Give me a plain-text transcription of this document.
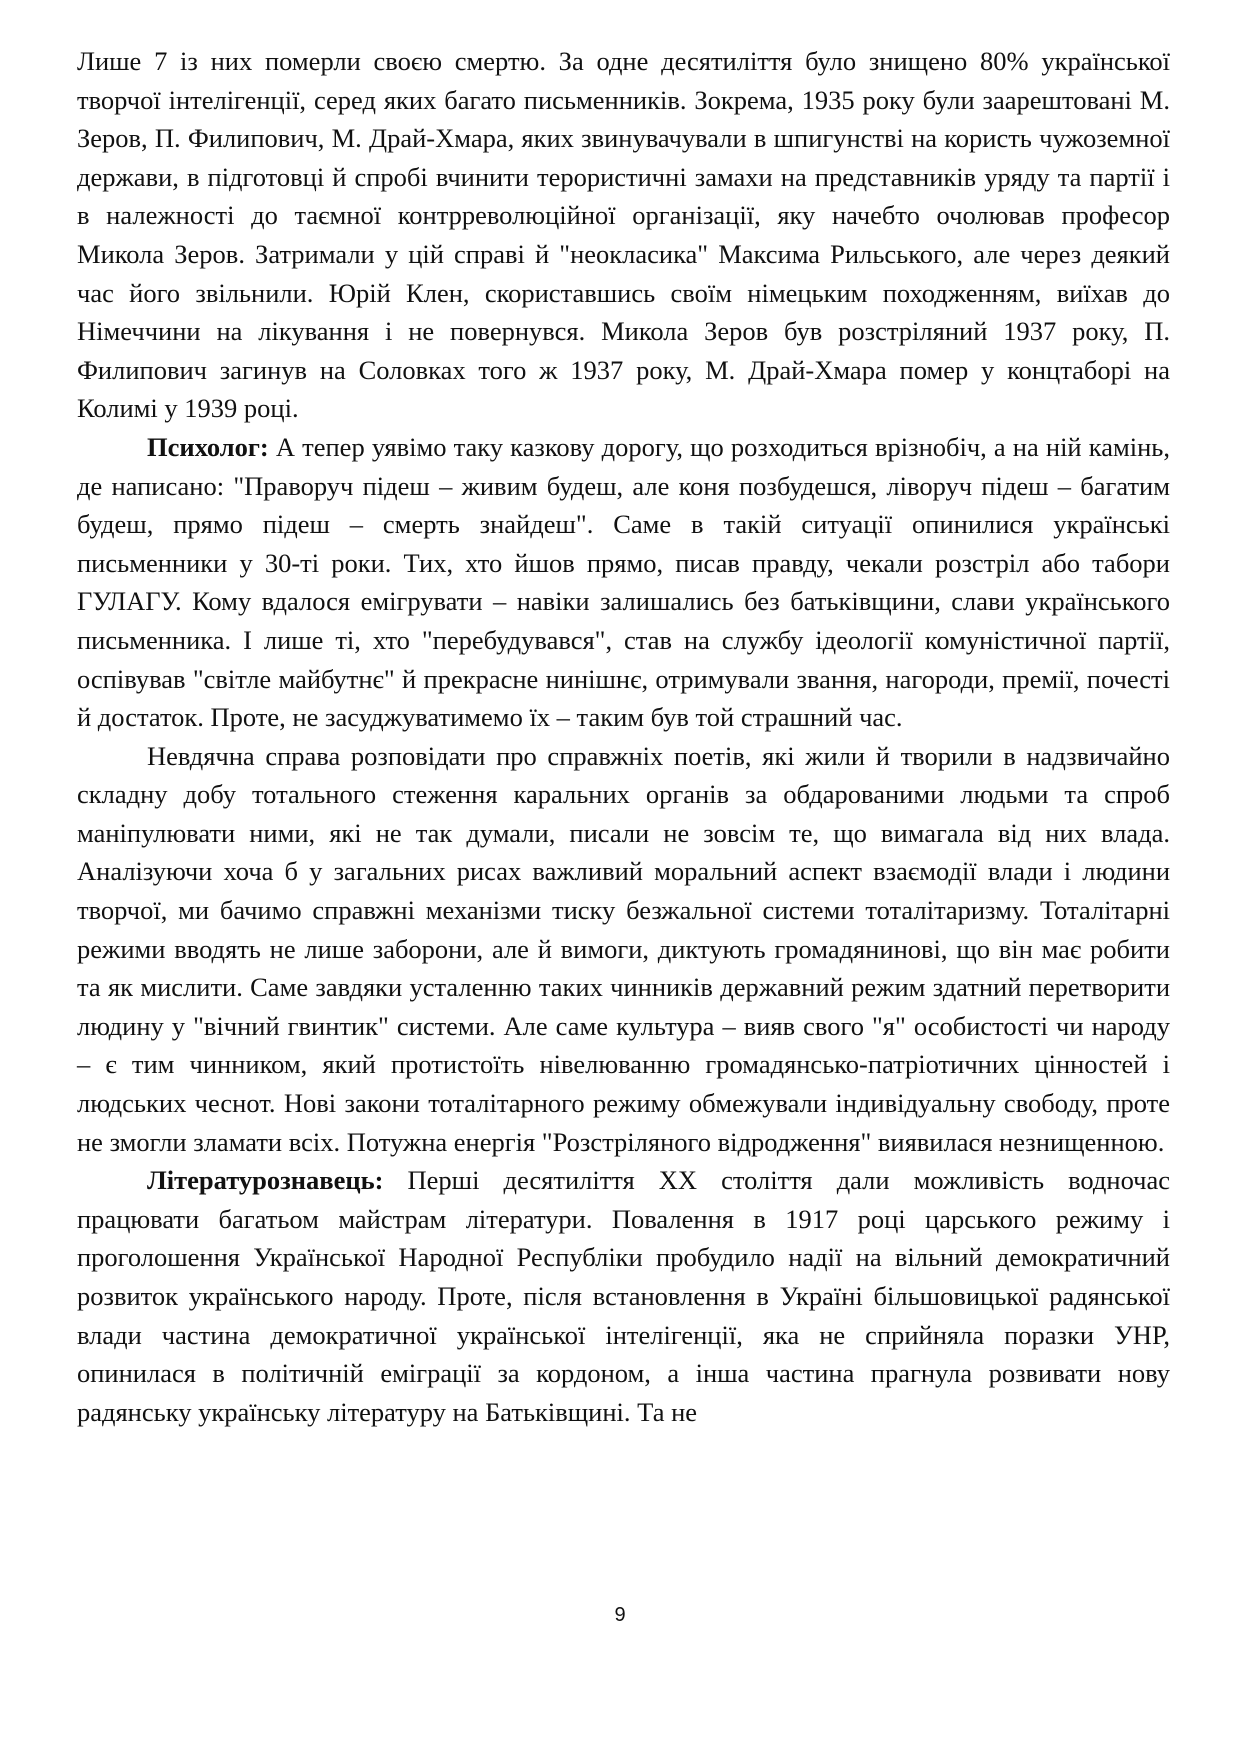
Лише 7 із них померли своєю смертю. За одне десятиліття було знищено 80% української творчої інтелігенції, серед яких багато письменників. Зокрема, 1935 року були заарештовані М. Зеров, П. Филипович, М. Драй-Хмара, яких звинувачували в шпигунстві на користь чужоземної держави, в підготовці й спробі вчинити терористичні замахи на представників уряду та партії і в належності до таємної контрреволюційної організації, яку начебто очолював професор Микола Зеров. Затримали у цій справі й "неокласика" Максима Рильського, але через деякий час його звільнили. Юрій Клен, скориставшись своїм німецьким походженням, виїхав до Німеччини на лікування і не повернувся. Микола Зеров був розстріляний 1937 року, П. Филипович загинув на Соловках того ж 1937 року, М. Драй-Хмара помер у концтаборі на Колимі у 1939 році.

Психолог: А тепер уявімо таку казкову дорогу, що розходиться врізнобіч, а на ній камінь, де написано: "Праворуч підеш – живим будеш, але коня позбудешся, ліворуч підеш – багатим будеш, прямо підеш – смерть знайдеш". Саме в такій ситуації опинилися українські письменники у 30-ті роки. Тих, хто йшов прямо, писав правду, чекали розстріл або табори ГУЛАГУ. Кому вдалося емігрувати – навіки залишались без батьківщини, слави українського письменника. І лише ті, хто "перебудувався", став на службу ідеології комуністичної партії, оспівував "світле майбутнє" й прекрасне нинішнє, отримували звання, нагороди, премії, почесті й достаток. Проте, не засуджуватимемо їх – таким був той страшний час.

Невдячна справа розповідати про справжніх поетів, які жили й творили в надзвичайно складну добу тотального стеження каральних органів за обдарованими людьми та спроб маніпулювати ними, які не так думали, писали не зовсім те, що вимагала від них влада. Аналізуючи хоча б у загальних рисах важливий моральний аспект взаємодії влади і людини творчої, ми бачимо справжні механізми тиску безжальної системи тоталітаризму. Тоталітарні режими вводять не лише заборони, але й вимоги, диктують громадянинові, що він має робити та як мислити. Саме завдяки усталенню таких чинників державний режим здатний перетворити людину у "вічний гвинтик" системи. Але саме культура – вияв свого "я" особистості чи народу – є тим чинником, який протистоїть нівелюванню громадянсько-патріотичних цінностей і людських чеснот. Нові закони тоталітарного режиму обмежували індивідуальну свободу, проте не змогли зламати всіх. Потужна енергія "Розстріляного відродження" виявилася незнищенною.

Літературознавець: Перші десятиліття ХХ століття дали можливість водночас працювати багатьом майстрам літератури. Повалення в 1917 році царського режиму і проголошення Української Народної Республіки пробудило надії на вільний демократичний розвиток українського народу. Проте, після встановлення в Україні більшовицької радянської влади частина демократичної української інтелігенції, яка не сприйняла поразки УНР, опинилася в політичній еміграції за кордоном, а інша частина прагнула розвивати нову радянську українську літературу на Батьківщині. Та не

9
